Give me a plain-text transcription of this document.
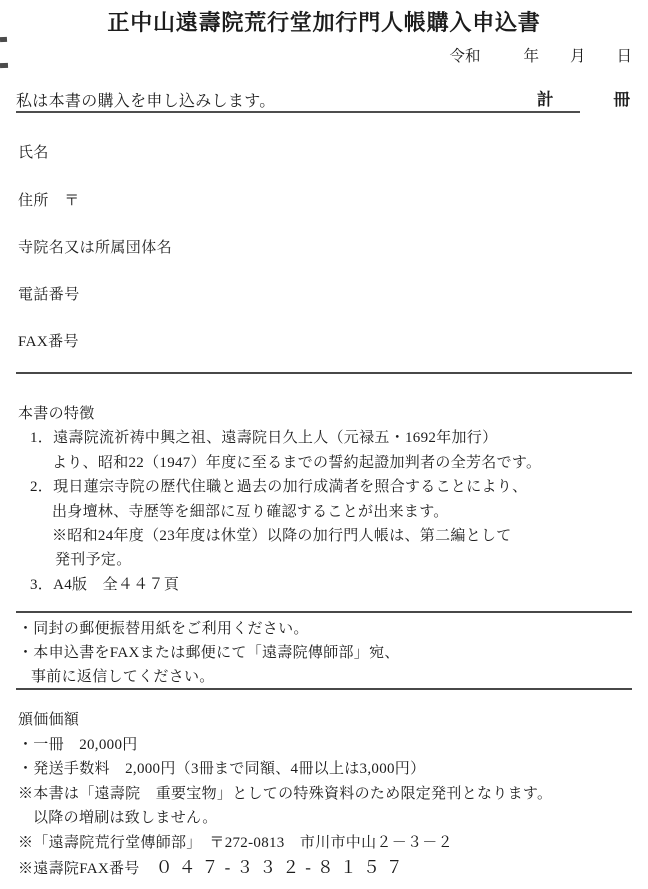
正中山遠壽院荒行堂加行門人帳購入申込書
令和	年 月 日
私は本書の購入を申し込みします。	計	冊
氏名
住所　〒
寺院名又は所属団体名
電話番号
FAX番号
本書の特徴
1．遠壽院流祈祷中興之祖、遠壽院日久上人（元禄五・1692年加行）
より、昭和22（1947）年度に至るまでの誓約起證加判者の全芳名です。
2．現日蓮宗寺院の歴代住職と過去の加行成満者を照合することにより、
出身壇林、寺歴等を細部に亙り確認することが出来ます。
※昭和24年度（23年度は休堂）以降の加行門人帳は、第二編として
発刊予定。
3．A4版　全４４７頁
・同封の郵便振替用紙をご利用ください。
・本申込書をFAXまたは郵便にて「遠壽院傳師部」宛、
事前に返信してください。
頒価価額
・一冊　20,000円
・発送手数料　2,000円（3冊まで同額、4冊以上は3,000円）
※本書は「遠壽院　重要宝物」としての特殊資料のため限定発刊となります。
以降の増刷は致しません。
※「遠壽院荒行堂傳師部」　〒272-0813　市川市中山２－３－２
※遠壽院FAX番号 ０４７-３３２-８１５７
